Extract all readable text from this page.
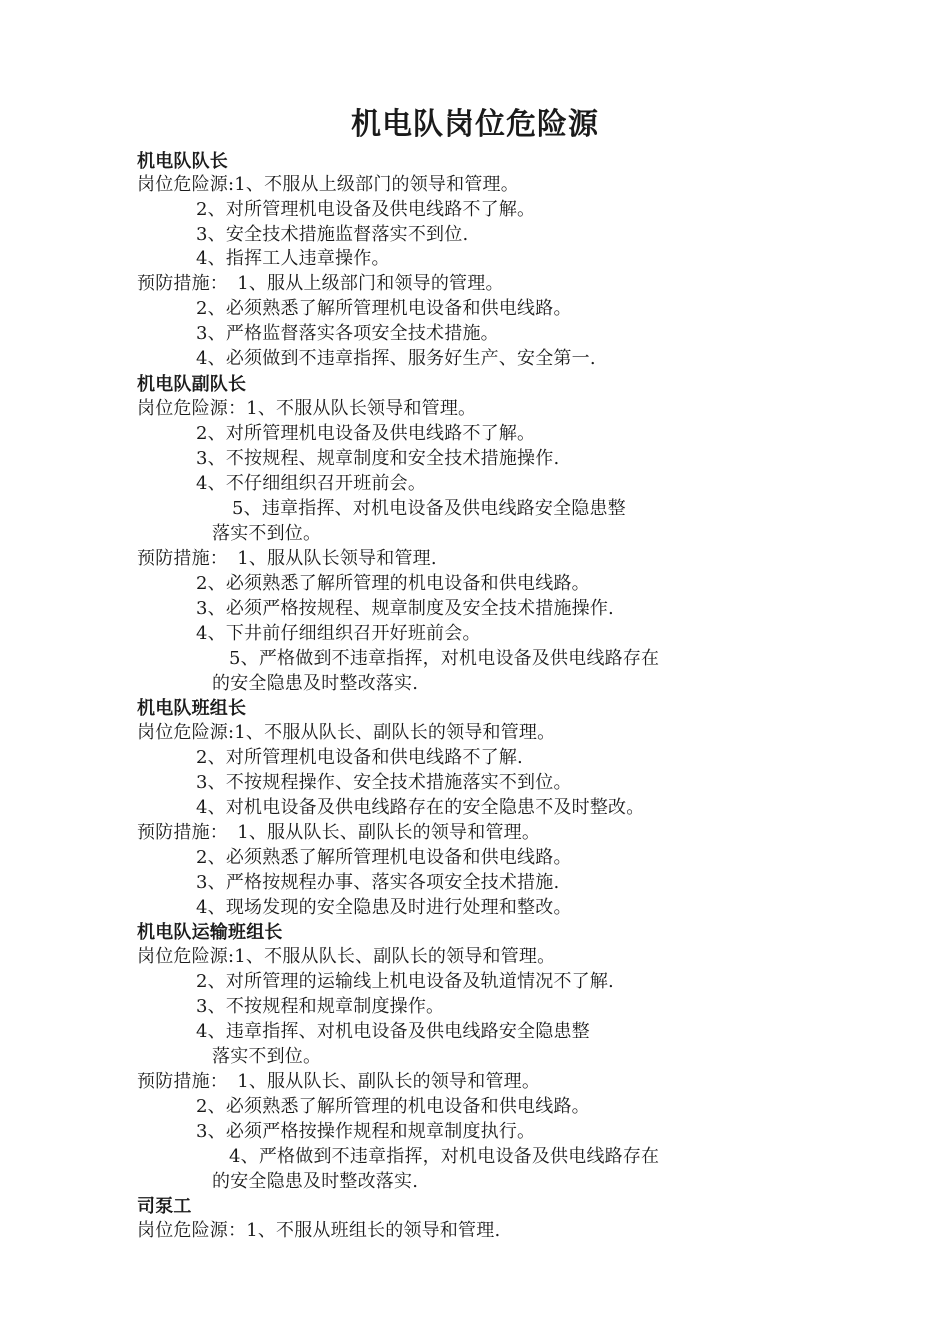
机电队岗位危险源
机电队队长
岗位危险源:1、不服从上级部门的领导和管理。
2、对所管理机电设备及供电线路不了解。
3、安全技术措施监督落实不到位.
4、指挥工人违章操作。
预防措施：　1、服从上级部门和领导的管理。
2、必须熟悉了解所管理机电设备和供电线路。
3、严格监督落实各项安全技术措施。
4、必须做到不违章指挥、服务好生产、安全第一.
机电队副队长
岗位危险源：1、不服从队长领导和管理。
2、对所管理机电设备及供电线路不了解。
3、不按规程、规章制度和安全技术措施操作.
4、不仔细组织召开班前会。
5、违章指挥、对机电设备及供电线路安全隐患整
落实不到位。
预防措施：　1、服从队长领导和管理.
2、必须熟悉了解所管理的机电设备和供电线路。
3、必须严格按规程、规章制度及安全技术措施操作.
4、下井前仔细组织召开好班前会。
5、严格做到不违章指挥，对机电设备及供电线路存在
的安全隐患及时整改落实.
机电队班组长
岗位危险源:1、不服从队长、副队长的领导和管理。
2、对所管理机电设备和供电线路不了解.
3、不按规程操作、安全技术措施落实不到位。
4、对机电设备及供电线路存在的安全隐患不及时整改。
预防措施：　1、服从队长、副队长的领导和管理。
2、必须熟悉了解所管理机电设备和供电线路。
3、严格按规程办事、落实各项安全技术措施.
4、现场发现的安全隐患及时进行处理和整改。
机电队运输班组长
岗位危险源:1、不服从队长、副队长的领导和管理。
2、对所管理的运输线上机电设备及轨道情况不了解.
3、不按规程和规章制度操作。
4、违章指挥、对机电设备及供电线路安全隐患整
落实不到位。
预防措施：　1、服从队长、副队长的领导和管理。
2、必须熟悉了解所管理的机电设备和供电线路。
3、必须严格按操作规程和规章制度执行。
4、严格做到不违章指挥，对机电设备及供电线路存在
的安全隐患及时整改落实.
司泵工
岗位危险源：1、不服从班组长的领导和管理.
